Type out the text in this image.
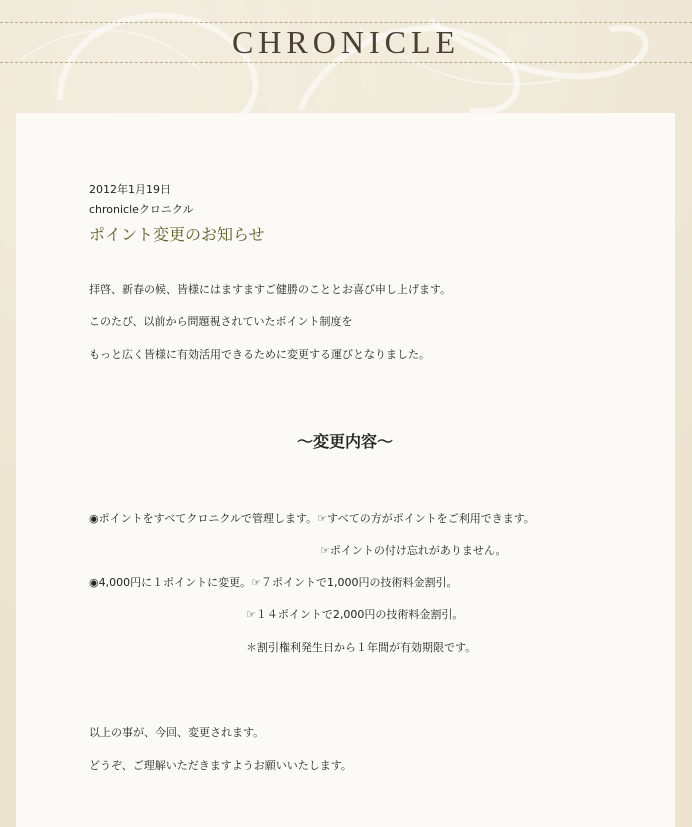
CHRONICLE

2012年1月19日

chronicleクロニクル

ポイント変更のお知らせ

拝啓、新春の候、皆様にはますますご健勝のこととお喜び申し上げます。

このたび、以前から問題視されていたポイント制度を

もっと広く皆様に有効活用できるために変更する運びとなりました。

～変更内容～

◉ポイントをすべてクロニクルで管理します。☞すべての方がポイントをご利用できます。

☞ポイントの付け忘れがありません。

◉4,000円に１ポイントに変更。☞７ポイントで1,000円の技術料金割引。

☞１４ポイントで2,000円の技術料金割引。

＊割引権利発生日から１年間が有効期限です。

以上の事が、今回、変更されます。

どうぞ、ご理解いただきますようお願いいたします。
